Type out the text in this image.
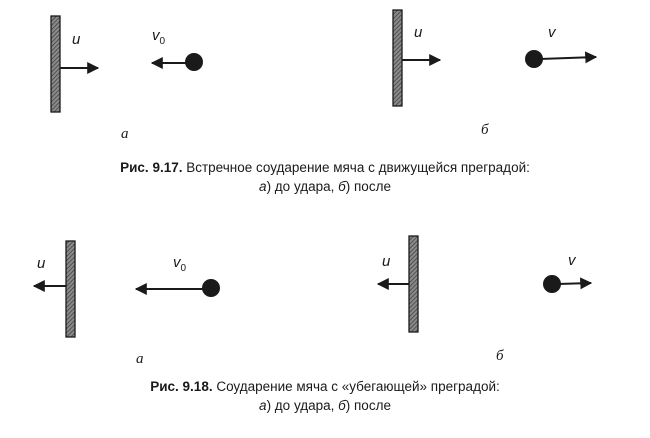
u	$v_0$
a
u	v
б
u	$v_0$
a
u	v
б
Рис. 9.17. Встречное соударение мяча с движущейся преградой:
а) до удара, б) после
Рис. 9.18. Соударение мяча с «убегающей» преградой:
а) до удара, б) после
